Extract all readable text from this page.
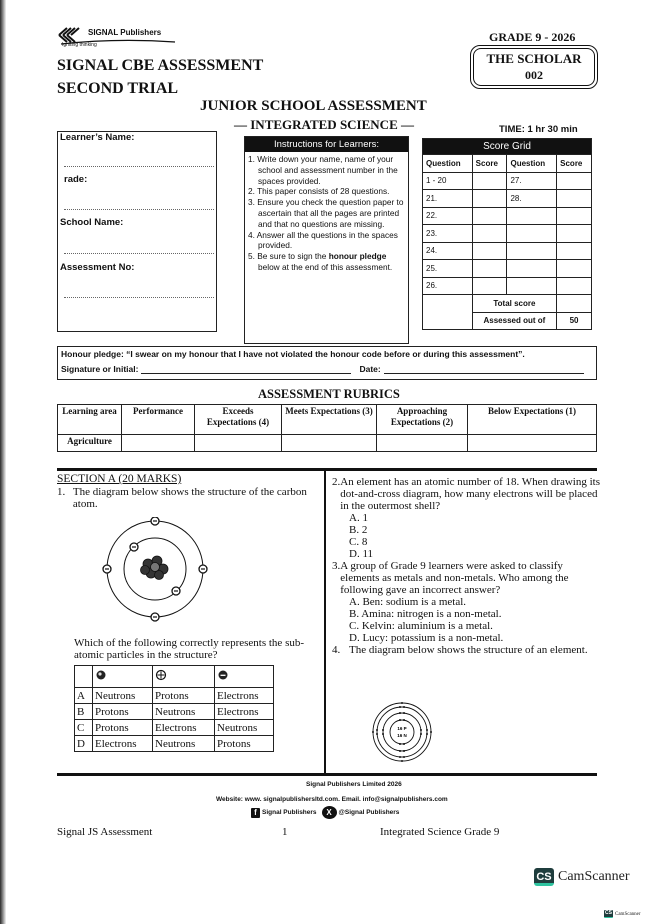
SIGNAL Publishers
Igniting thinking
SIGNAL CBE ASSESSMENT
SECOND TRIAL
GRADE 9 - 2026
THE SCHOLAR
002
JUNIOR SCHOOL ASSESSMENT
— INTEGRATED SCIENCE —	TIME: 1 hr 30 min
Learner’s Name:
rade:
School Name:
Assessment No:
Instructions for Learners:
1. Write down your name, name of your school and assessment number in the spaces provided.
2. This paper consists of 28 questions.
3. Ensure you check the question paper to ascertain that all the pages are printed and that no questions are missing.
4. Answer all the questions in the spaces provided.
5. Be sure to sign the honour pledge below at the end of this assessment.
Score Grid			
Question	Score	Question	Score
1 - 20		27.	
21.		28.	
22.			
23.			
24.			
25.			
26.			
	Total score		
	Assessed out of		50
Honour pledge: “I swear on my honour that I have not violated the honour code before or during this assessment”.
Signature or Initial:	Date:
ASSESSMENT RUBRICS
Learning area	Performance	Exceeds Expectations (4)	Meets Expectations (3)	Approaching Expectations (2)	Below Expectations (1)
Agriculture					
SECTION A (20 MARKS)
1. The diagram below shows the structure of the carbon atom.
Which of the following correctly represents the sub-atomic particles in the structure?

A	Neutrons	Protons	Electrons
B	Protons	Neutrons	Electrons
C	Protons	Electrons	Neutrons
D	Electrons	Neutrons	Protons
2. An element has an atomic number of 18. When drawing its dot-and-cross diagram, how many electrons will be placed in the outermost shell?
A. 1
B. 2
C. 8
D. 11
3. A group of Grade 9 learners were asked to classify elements as metals and non-metals. Who among the following gave an incorrect answer?
A. Ben: sodium is a metal.
B. Amina: nitrogen is a non-metal.
C. Kelvin: aluminium is a metal.
D. Lucy: potassium is a non-metal.
4. The diagram below shows the structure of an element.
16 P
16 N
Signal Publishers Limited 2026
Website: www. signalpublishersltd.com. Email. info@signalpublishers.com
f Signal Publishers	X	@Signal Publishers
Signal JS Assessment	1	Integrated Science Grade 9
CS CamScanner
CS CamScanner
